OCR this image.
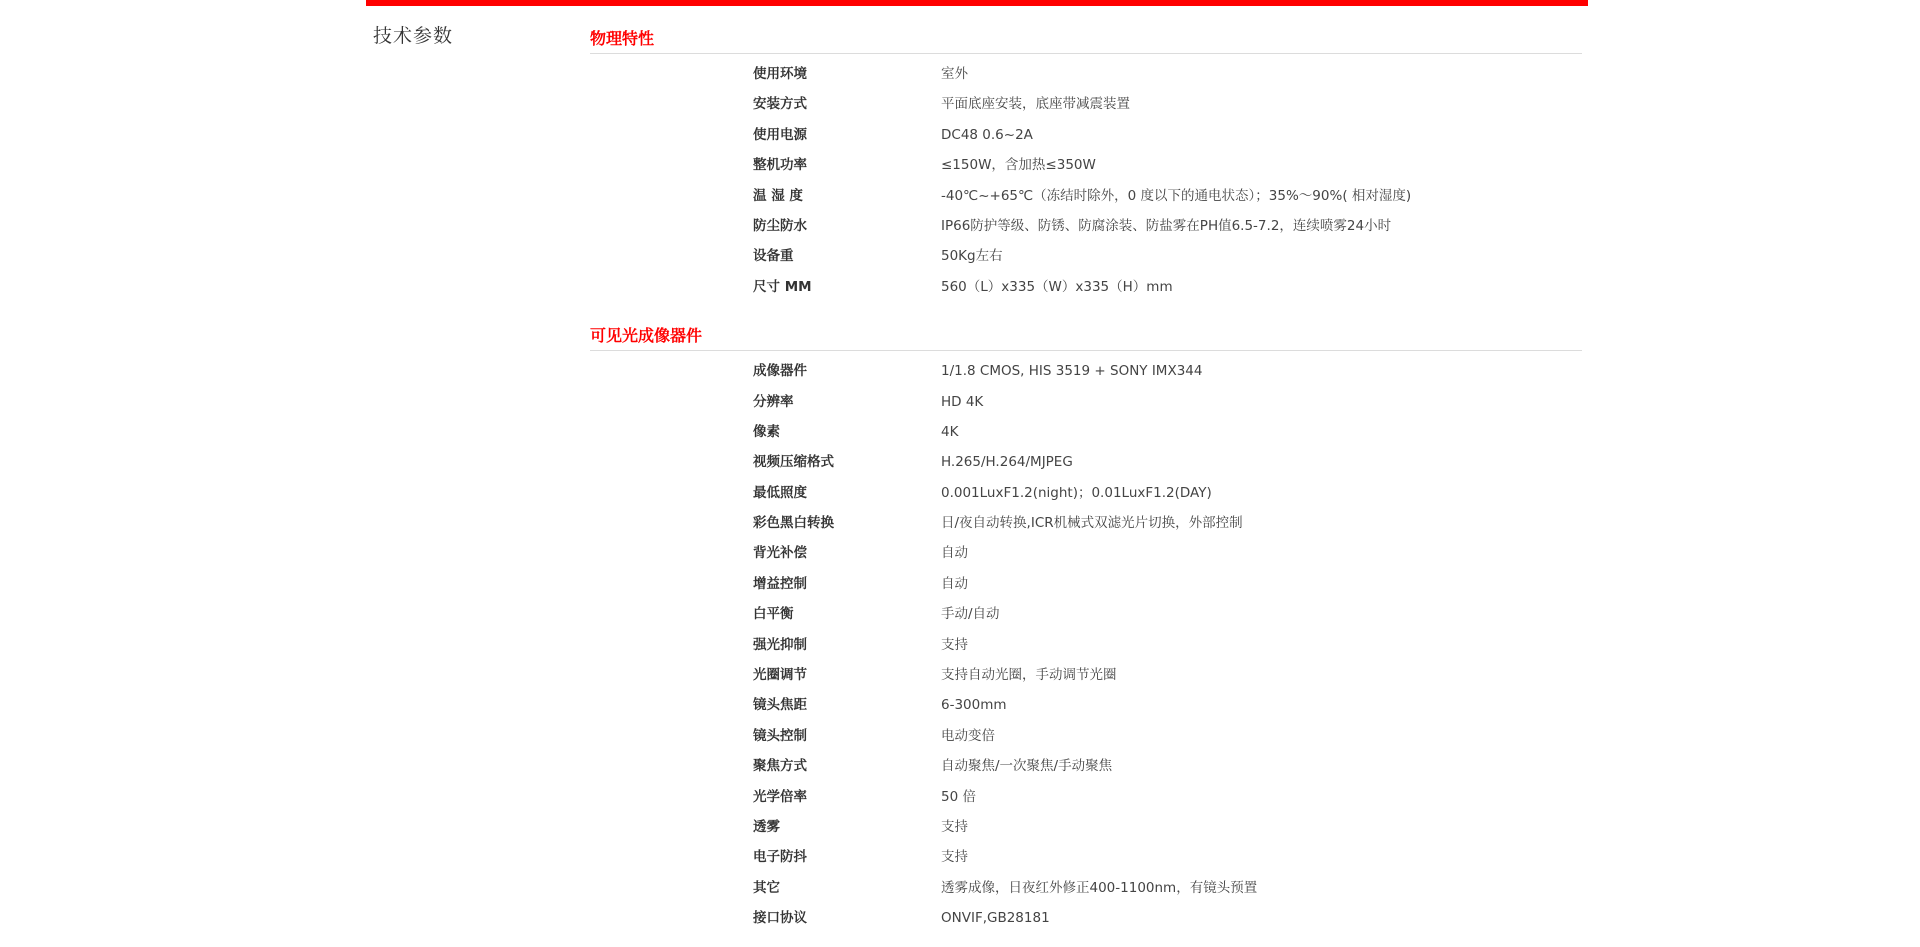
技术参数	物理特性
使用环境	室外
安装方式	平面底座安装，底座带减震装置
使用电源	DC48 0.6~2A
整机功率	≤150W，含加热≤350W
温 湿 度	-40℃~+65℃（冻结时除外，0 度以下的通电状态）；35%～90%( 相对湿度)
防尘防水	IP66防护等级、防锈、防腐涂装、防盐雾在PH值6.5-7.2，连续喷雾24小时
设备重	50Kg左右
尺寸 MM	560（L）x335（W）x335（H）mm
可见光成像器件
成像器件	1/1.8 CMOS, HIS 3519 + SONY IMX344
分辨率	HD 4K
像素	4K
视频压缩格式	H.265/H.264/MJPEG
最低照度	0.001LuxF1.2(night)；0.01LuxF1.2(DAY)
彩色黑白转换	日/夜自动转换,ICR机械式双滤光片切换，外部控制
背光补偿	自动
增益控制	自动
白平衡	手动/自动
强光抑制	支持
光圈调节	支持自动光圈，手动调节光圈
镜头焦距	6-300mm
镜头控制	电动变倍
聚焦方式	自动聚焦/一次聚焦/手动聚焦
光学倍率	50 倍
透雾	支持
电子防抖	支持
其它	透雾成像，日夜红外修正400-1100nm，有镜头预置
接口协议	ONVIF,GB28181
